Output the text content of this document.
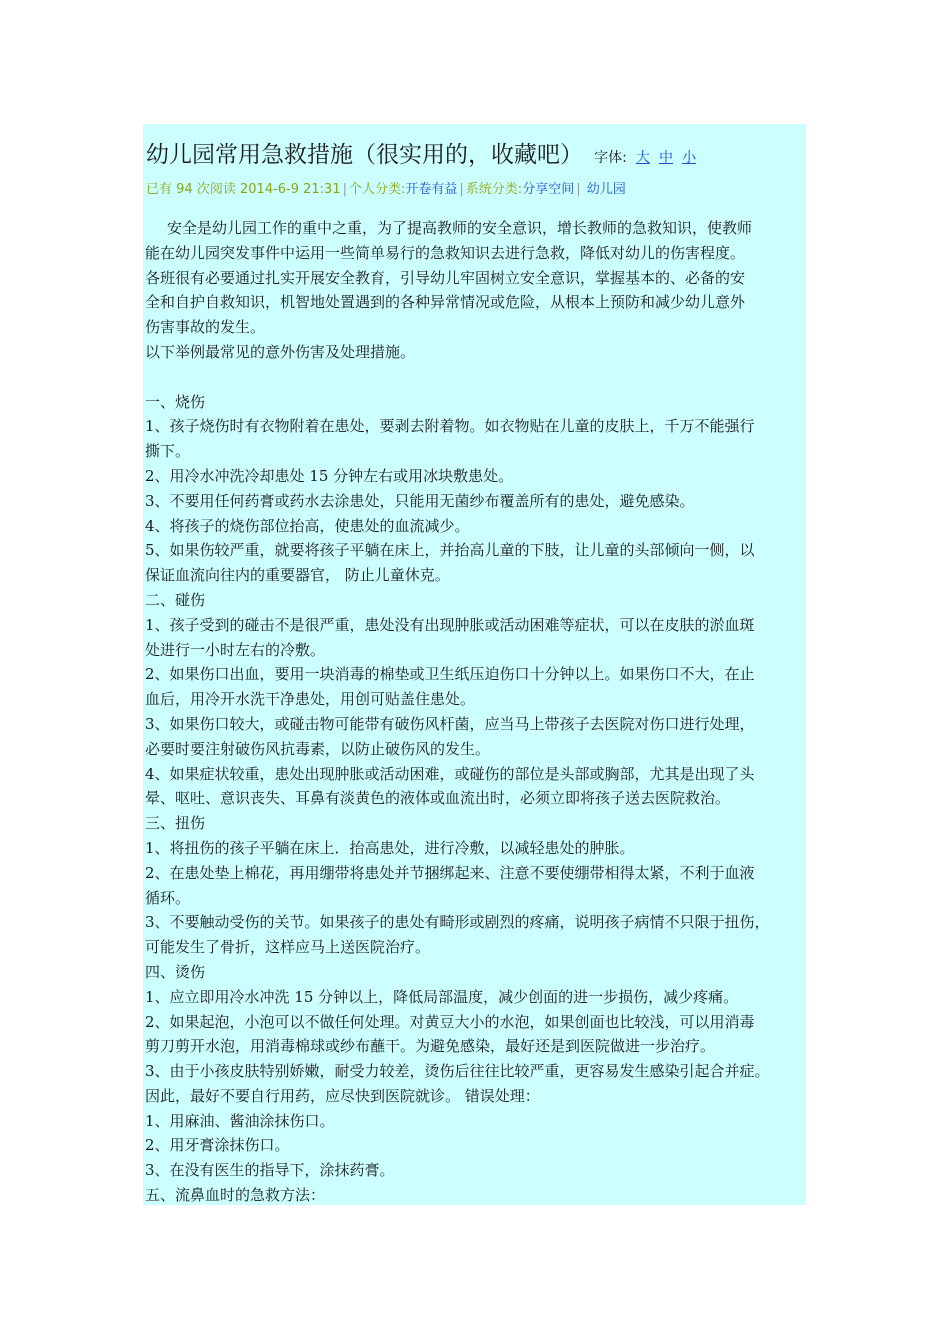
幼儿园常用急救措施（很实用的，收藏吧） 字体: 大 中 小
已有 94 次阅读 2014-6-9 21:31 | 个人分类:开卷有益 | 系统分类:分享空间 | 幼儿园
安全是幼儿园工作的重中之重，为了提高教师的安全意识，增长教师的急救知识，使教师
能在幼儿园突发事件中运用一些简单易行的急救知识去进行急救，降低对幼儿的伤害程度。
各班很有必要通过扎实开展安全教育，引导幼儿牢固树立安全意识，掌握基本的、必备的安
全和自护自救知识，机智地处置遇到的各种异常情况或危险，从根本上预防和减少幼儿意外
伤害事故的发生。
以下举例最常见的意外伤害及处理措施。
一、烧伤
1、孩子烧伤时有衣物附着在患处，要剥去附着物。如衣物贴在儿童的皮肤上，千万不能强行
撕下。
2、用冷水冲洗冷却患处 15 分钟左右或用冰块敷患处。
3、不要用任何药膏或药水去涂患处，只能用无菌纱布覆盖所有的患处，避免感染。
4、将孩子的烧伤部位抬高，使患处的血流减少。
5、如果伤较严重，就要将孩子平躺在床上，并抬高儿童的下肢，让儿童的头部倾向一侧，以
保证血流向往内的重要器官， 防止儿童休克。
二、碰伤
1、孩子受到的碰击不是很严重，患处没有出现肿胀或活动困难等症状，可以在皮肤的淤血斑
处进行一小时左右的冷敷。
2、如果伤口出血，要用一块消毒的棉垫或卫生纸压迫伤口十分钟以上。如果伤口不大，在止
血后，用冷开水洗干净患处，用创可贴盖住患处。
3、如果伤口较大，或碰击物可能带有破伤风杆菌，应当马上带孩子去医院对伤口进行处理，
必要时要注射破伤风抗毒素，以防止破伤风的发生。
4、如果症状较重，患处出现肿胀或活动困难，或碰伤的部位是头部或胸部，尤其是出现了头
晕、呕吐、意识丧失、耳鼻有淡黄色的液体或血流出时，必须立即将孩子送去医院救治。
三、扭伤
1、将扭伤的孩子平躺在床上．抬高患处，进行冷敷，以减轻患处的肿胀。
2、在患处垫上棉花，再用绷带将患处并节捆绑起来、注意不要使绷带相得太紧，不利于血液
循环。
3、不要触动受伤的关节。如果孩子的患处有畸形或剧烈的疼痛，说明孩子病情不只限于扭伤，
可能发生了骨折，这样应马上送医院治疗。
四、烫伤
1、应立即用冷水冲洗 15 分钟以上，降低局部温度，减少创面的进一步损伤，减少疼痛。
2、如果起泡，小泡可以不做任何处理。对黄豆大小的水泡，如果创面也比较浅，可以用消毒
剪刀剪开水泡，用消毒棉球或纱布蘸干。为避免感染，最好还是到医院做进一步治疗。
3、由于小孩皮肤特别娇嫩，耐受力较差，烫伤后往往比较严重，更容易发生感染引起合并症。
因此，最好不要自行用药，应尽快到医院就诊。 错误处理：
1、用麻油、酱油涂抹伤口。
2、用牙膏涂抹伤口。
3、在没有医生的指导下，涂抹药膏。
五、流鼻血时的急救方法：
